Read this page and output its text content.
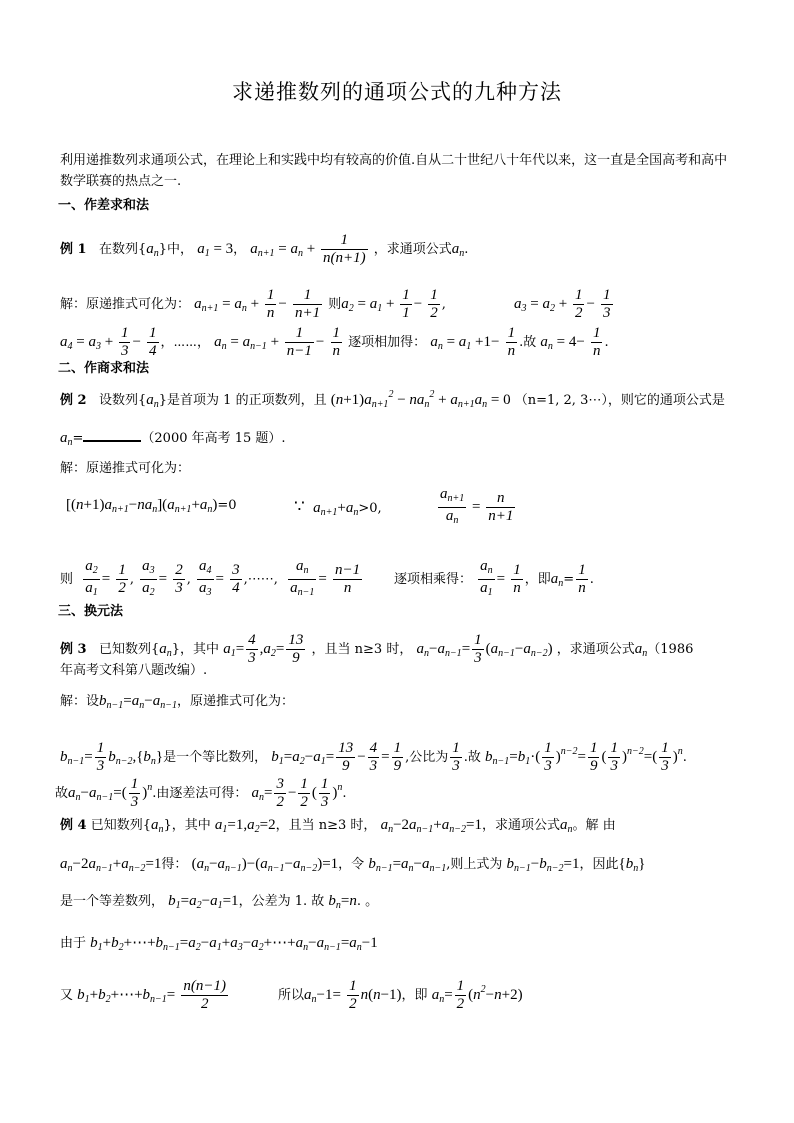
求递推数列的通项公式的九种方法
利用递推数列求通项公式，在理论上和实践中均有较高的价值.自从二十世纪八十年代以来，这一直是全国高考和高中数学联赛的热点之一.
一、作差求和法
例 1 在数列$\{a_n\}$中， $a_1 = 3$， $a_{n+1} = a_n + \frac{1}{n(n+1)}$ ，求通项公式$a_n$.
解：原递推式可化为： $a_{n+1} = a_n + \frac{1}{n} - \frac{1}{n+1}$ 则$a_2 = a_1 + \frac{1}{1} - \frac{1}{2}$ ,	$a_3 = a_2 + \frac{1}{2} - \frac{1}{3}$
$a_4 = a_3 + \frac{1}{3} - \frac{1}{4}$ ，⋯⋯， $a_n = a_{n-1} + \frac{1}{n-1} - \frac{1}{n}$ 逐项相加得： $a_n = a_1 +1- \frac{1}{n}$ .故 $a_n = 4- \frac{1}{n}$ .
二、作商求和法
例 2 设数列$\{a_n\}$是首项为 1 的正项数列，且 $(n+1)a_{n+1}^2 - na_n^2 + a_{n+1}a_n = 0$ （n=1, 2, 3⋯），则它的通项公式是
$a_n=$	（2000 年高考 15 题）.
解：原递推式可化为：
$[(n+1)a_{n+1}-na_n](a_{n+1}+a_n)=0$	∵ $a_{n+1}+a_n>0$,	$\frac{a_{n+1}}{a_n} = \frac{n}{n+1}$
则 $\frac{a_2}{a_1} = \frac{1}{2}$ , $\frac{a_3}{a_2} = \frac{2}{3}$ , $\frac{a_4}{a_3} = \frac{3}{4}$ ,⋯⋯, $\frac{a_n}{a_{n-1}} = \frac{n-1}{n}$ 逐项相乘得： $\frac{a_n}{a_1} = \frac{1}{n}$ ，即$a_n= \frac{1}{n}$ .
三、换元法
例 3 已知数列$\{a_n\}$，其中 $a_1= \frac{4}{3} ,a_2= \frac{13}{9}$ ，且当 n≥3 时， $a_n-a_{n-1}= \frac{1}{3} (a_{n-1}-a_{n-2})$ ，求通项公式$a_n(1986$
年高考文科第八题改编）.
解：设$b_{n-1}=a_n-a_{n-1}$，原递推式可化为：
$b_{n-1}= \frac{1}{3} b_{n-2},\{b_n\}$是一个等比数列， $b_1=a_2-a_1= \frac{13}{9} - \frac{4}{3} = \frac{1}{9}$ ,公比为 $\frac{1}{3}$ .故 $b_{n-1}=b_1\cdot( \frac{1}{3} )^{n-2}= \frac{1}{9}$ ( $\frac{1}{3} )^{n-2}=( \frac{1}{3} )^n$.
故$a_n-a_{n-1}=( \frac{1}{3} )^n$.由逐差法可得： $a_n= \frac{3}{2} - \frac{1}{2}$ ( $\frac{1}{3} )^n$.
例 4 已知数列$\{a_n\}$，其中 $a_1=1,a_2=2$，且当 n≥3 时， $a_n-2a_{n-1}+a_{n-2}=1$，求通项公式$a_n$。解 由
$a_n-2a_{n-1}+a_{n-2}=1$得： $(a_n-a_{n-1})-(a_{n-1}-a_{n-2})=1$，令 $b_{n-1}=a_n-a_{n-1}$,则上式为 $b_{n-1}-b_{n-2}=1$，因此$\{b_n\}$
是一个等差数列， $b_1=a_2-a_1=1$，公差为 1. 故 $b_n=n$. 。
由于 $b_1+b_2+\cdots+b_{n-1}=a_2-a_1+a_3-a_2+\cdots+a_n-a_{n-1}=a_n-1$
又 $b_1+b_2+\cdots+b_{n-1}= \frac{n(n-1)}{2}$	所以$a_n-1= \frac{1}{2} n(n-1)$，即 $a_n= \frac{1}{2} (n^2-n+2)$
